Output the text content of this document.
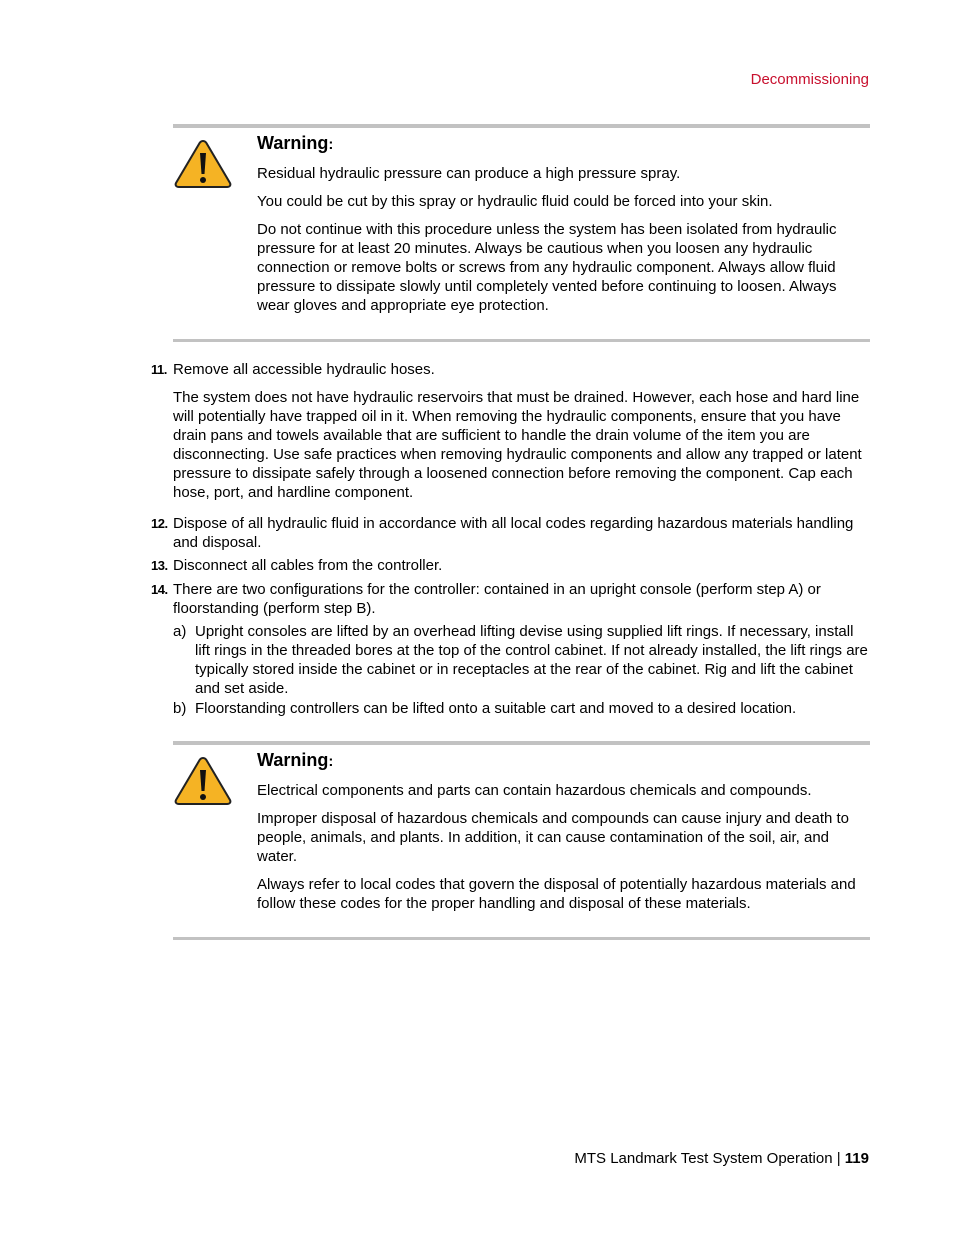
Decommissioning
Warning:

Residual hydraulic pressure can produce a high pressure spray.

You could be cut by this spray or hydraulic fluid could be forced into your skin.

Do not continue with this procedure unless the system has been isolated from hydraulic pressure for at least 20 minutes. Always be cautious when you loosen any hydraulic connection or remove bolts or screws from any hydraulic component. Always allow fluid pressure to dissipate slowly until completely vented before continuing to loosen. Always wear gloves and appropriate eye protection.

11. Remove all accessible hydraulic hoses.

The system does not have hydraulic reservoirs that must be drained. However, each hose and hard line will potentially have trapped oil in it. When removing the hydraulic components, ensure that you have drain pans and towels available that are sufficient to handle the drain volume of the item you are disconnecting. Use safe practices when removing hydraulic components and allow any trapped or latent pressure to dissipate safely through a loosened connection before removing the component. Cap each hose, port, and hardline component.

12. Dispose of all hydraulic fluid in accordance with all local codes regarding hazardous materials handling and disposal.
13. Disconnect all cables from the controller.
14. There are two configurations for the controller: contained in an upright console (perform step A) or floorstanding (perform step B).
a) Upright consoles are lifted by an overhead lifting devise using supplied lift rings. If necessary, install lift rings in the threaded bores at the top of the control cabinet. If not already installed, the lift rings are typically stored inside the cabinet or in receptacles at the rear of the cabinet. Rig and lift the cabinet and set aside.
b) Floorstanding controllers can be lifted onto a suitable cart and moved to a desired location.
Warning:

Electrical components and parts can contain hazardous chemicals and compounds.

Improper disposal of hazardous chemicals and compounds can cause injury and death to people, animals, and plants. In addition, it can cause contamination of the soil, air, and water.

Always refer to local codes that govern the disposal of potentially hazardous materials and follow these codes for the proper handling and disposal of these materials.

MTS Landmark Test System Operation | 119
